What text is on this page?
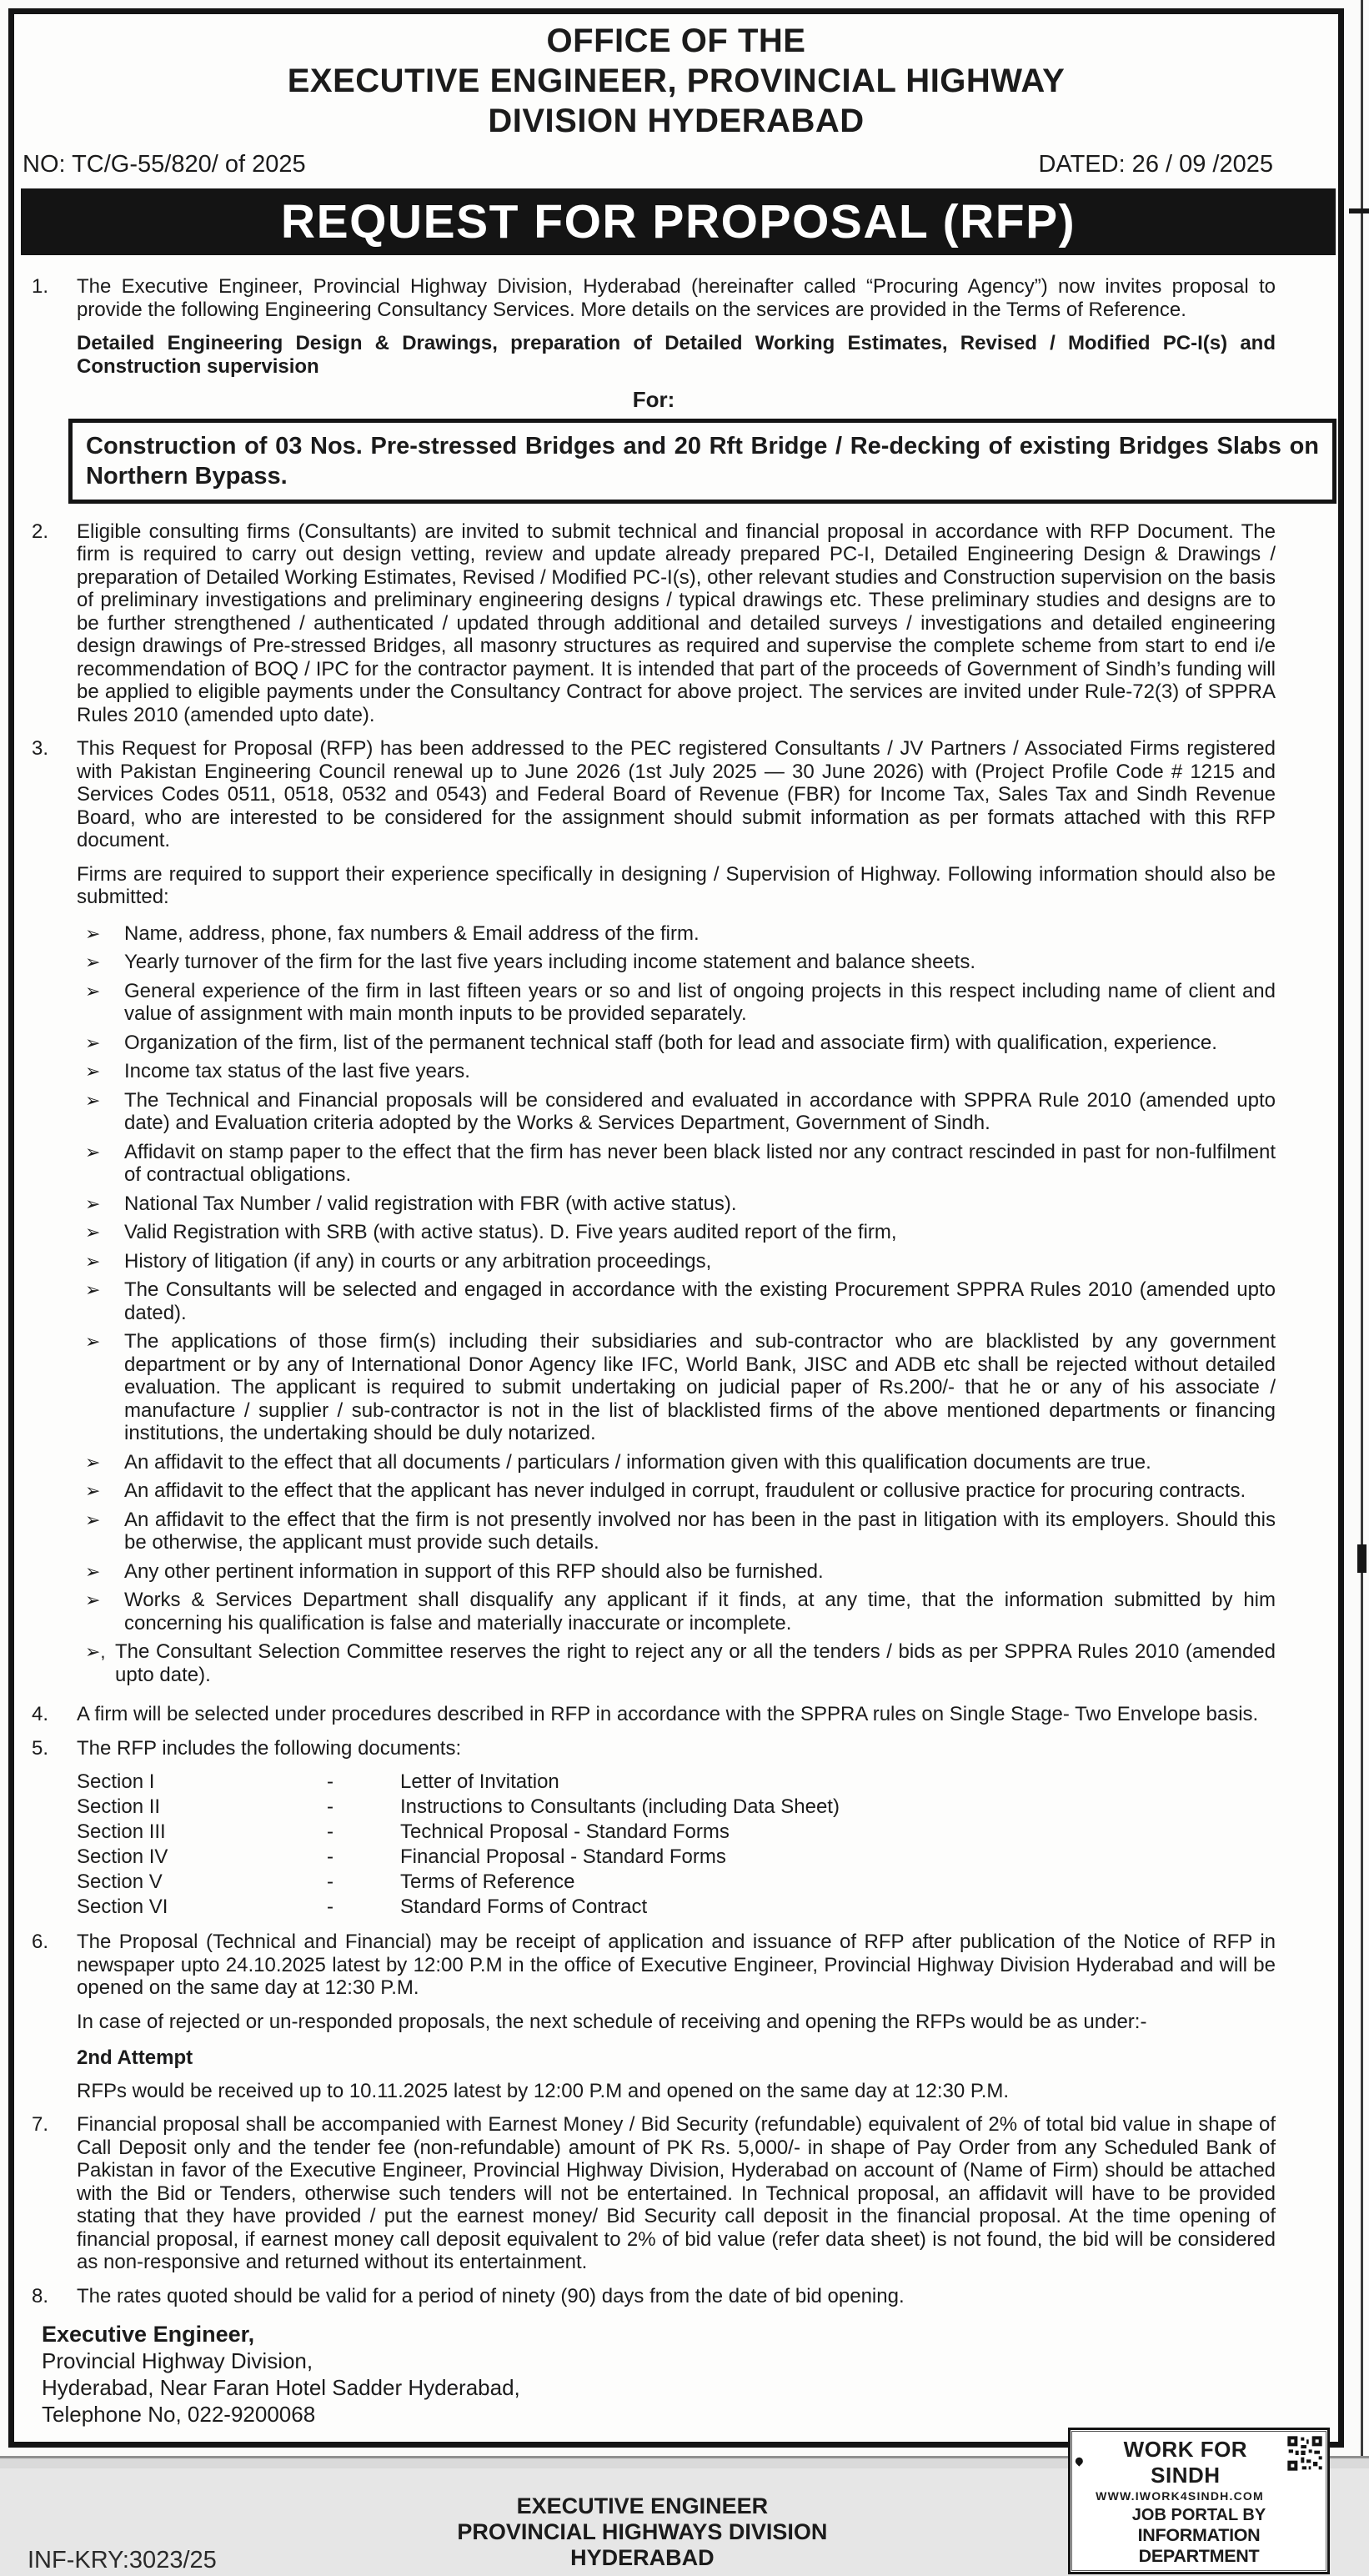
OFFICE OF THE
EXECUTIVE ENGINEER, PROVINCIAL HIGHWAY
DIVISION HYDERABAD
NO: TC/G-55/820/ of 2025	DATED: 26 / 09 /2025
REQUEST FOR PROPOSAL (RFP)
1.	The Executive Engineer, Provincial Highway Division, Hyderabad (hereinafter called “Procuring Agency”) now invites proposal to provide the following Engineering Consultancy Services. More details on the services are provided in the Terms of Reference.

Detailed Engineering Design & Drawings, preparation of Detailed Working Estimates, Revised / Modified PC-I(s) and Construction supervision

For:
Construction of 03 Nos. Pre-stressed Bridges and 20 Rft Bridge / Re-decking of existing Bridges Slabs on Northern Bypass.
2.	Eligible consulting firms (Consultants) are invited to submit technical and financial proposal in accordance with RFP Document. The firm is required to carry out design vetting, review and update already prepared PC-I, Detailed Engineering Design & Drawings / preparation of Detailed Working Estimates, Revised / Modified PC-I(s), other relevant studies and Construction supervision on the basis of preliminary investigations and preliminary engineering designs / typical drawings etc. These preliminary studies and designs are to be further strengthened / authenticated / updated through additional and detailed surveys / investigations and detailed engineering design drawings of Pre-stressed Bridges, all masonry structures as required and supervise the complete scheme from start to end i/e recommendation of BOQ / IPC for the contractor payment. It is intended that part of the proceeds of Government of Sindh’s funding will be applied to eligible payments under the Consultancy Contract for above project. The services are invited under Rule-72(3) of SPPRA Rules 2010 (amended upto date).

3.	This Request for Proposal (RFP) has been addressed to the PEC registered Consultants / JV Partners / Associated Firms registered with Pakistan Engineering Council renewal up to June 2026 (1st July 2025 — 30 June 2026) with (Project Profile Code # 1215 and Services Codes 0511, 0518, 0532 and 0543) and Federal Board of Revenue (FBR) for Income Tax, Sales Tax and Sindh Revenue Board, who are interested to be considered for the assignment should submit information as per formats attached with this RFP document.

Firms are required to support their experience specifically in designing / Supervision of Highway. Following information should also be submitted:

➢	Name, address, phone, fax numbers & Email address of the firm.
➢	Yearly turnover of the firm for the last five years including income statement and balance sheets.
➢	General experience of the firm in last fifteen years or so and list of ongoing projects in this respect including name of client and value of assignment with main month inputs to be provided separately.
➢	Organization of the firm, list of the permanent technical staff (both for lead and associate firm) with qualification, experience.
➢	Income tax status of the last five years.
➢	The Technical and Financial proposals will be considered and evaluated in accordance with SPPRA Rule 2010 (amended upto date) and Evaluation criteria adopted by the Works & Services Department, Government of Sindh.
➢	Affidavit on stamp paper to the effect that the firm has never been black listed nor any contract rescinded in past for non-fulfilment of contractual obligations.
➢	National Tax Number / valid registration with FBR (with active status).
➢	Valid Registration with SRB (with active status). D. Five years audited report of the firm,
➢	History of litigation (if any) in courts or any arbitration proceedings,
➢	The Consultants will be selected and engaged in accordance with the existing Procurement SPPRA Rules 2010 (amended upto dated).
➢	The applications of those firm(s) including their subsidiaries and sub-contractor who are blacklisted by any government department or by any of International Donor Agency like IFC, World Bank, JISC and ADB etc shall be rejected without detailed evaluation. The applicant is required to submit undertaking on judicial paper of Rs.200/- that he or any of his associate / manufacture / supplier / sub-contractor is not in the list of blacklisted firms of the above mentioned departments or financing institutions, the undertaking should be duly notarized.
➢	An affidavit to the effect that all documents / particulars / information given with this qualification documents are true.
➢	An affidavit to the effect that the applicant has never indulged in corrupt, fraudulent or collusive practice for procuring contracts.
➢	An affidavit to the effect that the firm is not presently involved nor has been in the past in litigation with its employers. Should this be otherwise, the applicant must provide such details.
➢	Any other pertinent information in support of this RFP should also be furnished.
➢	Works & Services Department shall disqualify any applicant if it finds, at any time, that the information submitted by him concerning his qualification is false and materially inaccurate or incomplete.
➢, The Consultant Selection Committee reserves the right to reject any or all the tenders / bids as per SPPRA Rules 2010 (amended upto date).
4.	A firm will be selected under procedures described in RFP in accordance with the SPPRA rules on Single Stage- Two Envelope basis.

5.	The RFP includes the following documents:

Section I	-	Letter of Invitation
Section II	-	Instructions to Consultants (including Data Sheet)
Section III	-	Technical Proposal - Standard Forms
Section IV	-	Financial Proposal - Standard Forms
Section V	-	Terms of Reference
Section VI	-	Standard Forms of Contract
6.	The Proposal (Technical and Financial) may be receipt of application and issuance of RFP after publication of the Notice of RFP in newspaper upto 24.10.2025 latest by 12:00 P.M in the office of Executive Engineer, Provincial Highway Division Hyderabad and will be opened on the same day at 12:30 P.M.

In case of rejected or un-responded proposals, the next schedule of receiving and opening the RFPs would be as under:-

2nd Attempt

RFPs would be received up to 10.11.2025 latest by 12:00 P.M and opened on the same day at 12:30 P.M.

7.	Financial proposal shall be accompanied with Earnest Money / Bid Security (refundable) equivalent of 2% of total bid value in shape of Call Deposit only and the tender fee (non-refundable) amount of PK Rs. 5,000/- in shape of Pay Order from any Scheduled Bank of Pakistan in favor of the Executive Engineer, Provincial Highway Division, Hyderabad on account of (Name of Firm) should be attached with the Bid or Tenders, otherwise such tenders will not be entertained. In Technical proposal, an affidavit will have to be provided stating that they have provided / put the earnest money/ Bid Security call deposit in the financial proposal. At the time opening of financial proposal, if earnest money call deposit equivalent to 2% of bid value (refer data sheet) is not found, the bid will be considered as non-responsive and returned without its entertainment.

8.	The rates quoted should be valid for a period of ninety (90) days from the date of bid opening.

Executive Engineer,
Provincial Highway Division,
Hyderabad, Near Faran Hotel Sadder Hyderabad,
Telephone No, 022-9200068
INF-KRY:3023/25
EXECUTIVE ENGINEER
PROVINCIAL HIGHWAYS DIVISION
HYDERABAD
WORK FOR SINDH
WWW.IWORK4SINDH.COM
JOB PORTAL BY
INFORMATION DEPARTMENT
